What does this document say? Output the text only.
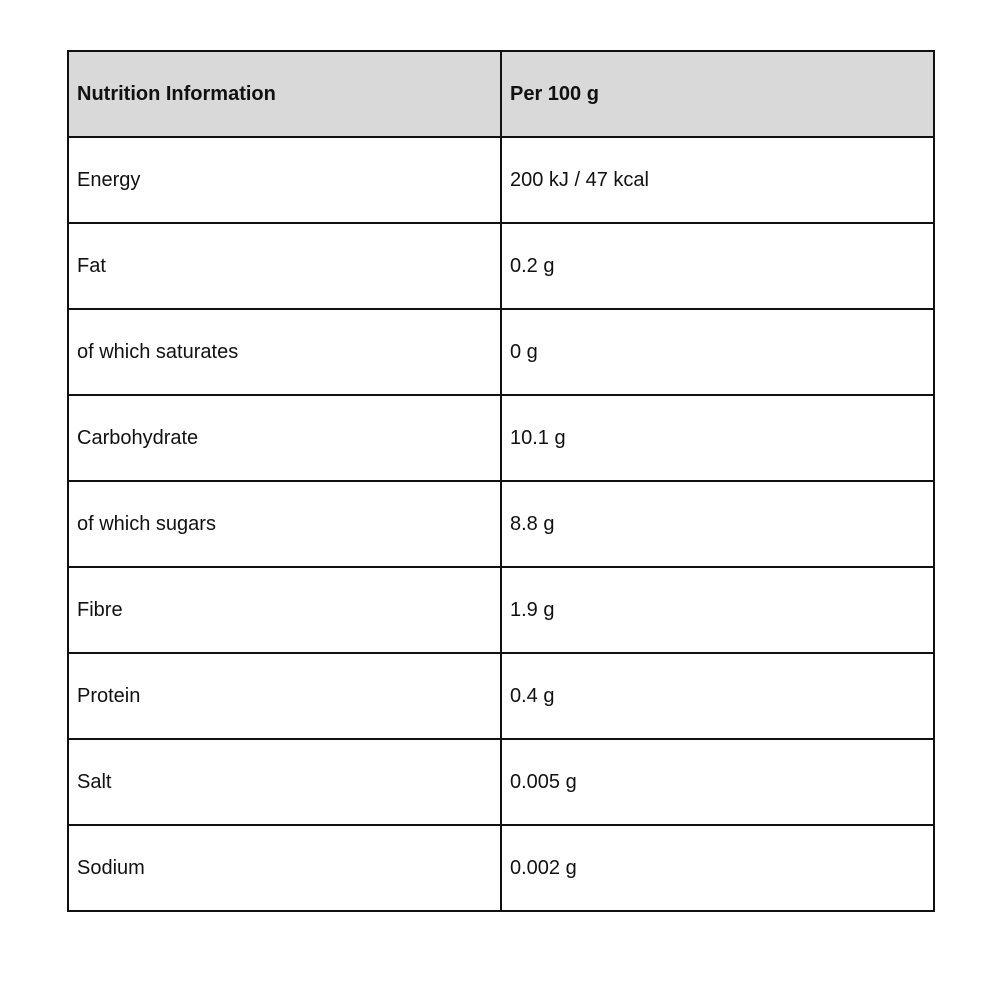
Nutrition Information	Per 100 g
Energy	200 kJ / 47 kcal
Fat	0.2 g
of which saturates	0 g
Carbohydrate	10.1 g
of which sugars	8.8 g
Fibre	1.9 g
Protein	0.4 g
Salt	0.005 g
Sodium	0.002 g
